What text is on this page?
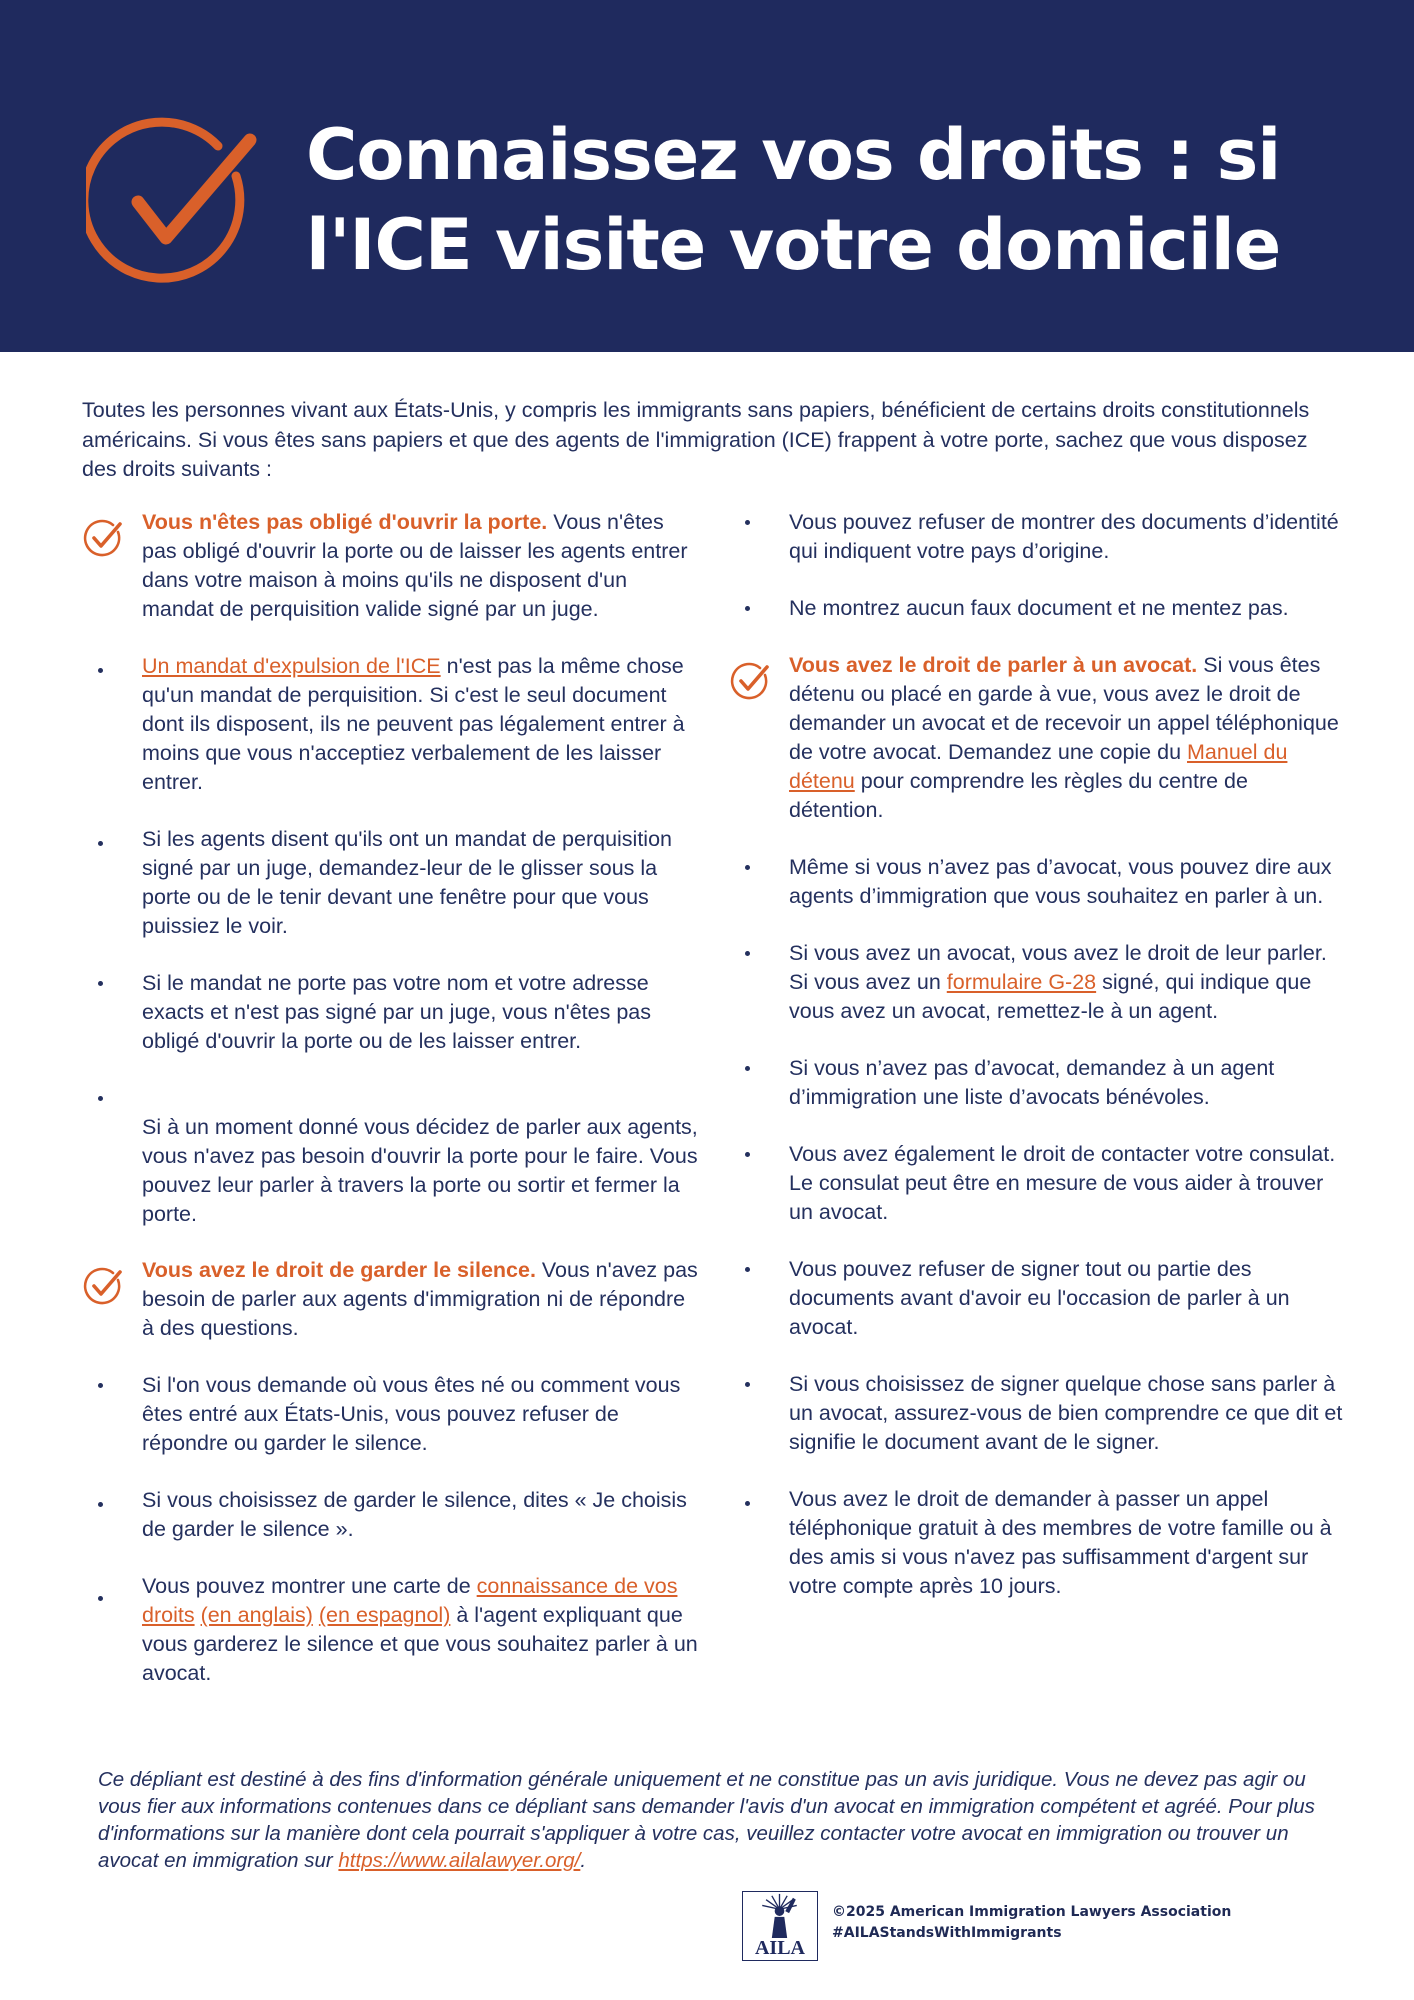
Connaissez vos droits : si l'ICE visite votre domicile

Toutes les personnes vivant aux États-Unis, y compris les immigrants sans papiers, bénéficient de certains droits constitutionnels américains. Si vous êtes sans papiers et que des agents de l'immigration (ICE) frappent à votre porte, sachez que vous disposez des droits suivants :

Vous n'êtes pas obligé d'ouvrir la porte. Vous n'êtes pas obligé d'ouvrir la porte ou de laisser les agents entrer dans votre maison à moins qu'ils ne disposent d'un mandat de perquisition valide signé par un juge.

Un mandat d'expulsion de l'ICE n'est pas la même chose qu'un mandat de perquisition. Si c'est le seul document dont ils disposent, ils ne peuvent pas légalement entrer à moins que vous n'acceptiez verbalement de les laisser entrer.

Si les agents disent qu'ils ont un mandat de perquisition signé par un juge, demandez-leur de le glisser sous la porte ou de le tenir devant une fenêtre pour que vous puissiez le voir.

Si le mandat ne porte pas votre nom et votre adresse exacts et n'est pas signé par un juge, vous n'êtes pas obligé d'ouvrir la porte ou de les laisser entrer.

Si à un moment donné vous décidez de parler aux agents, vous n'avez pas besoin d'ouvrir la porte pour le faire. Vous pouvez leur parler à travers la porte ou sortir et fermer la porte.

Vous avez le droit de garder le silence. Vous n'avez pas besoin de parler aux agents d'immigration ni de répondre à des questions.

Si l'on vous demande où vous êtes né ou comment vous êtes entré aux États-Unis, vous pouvez refuser de répondre ou garder le silence.

Si vous choisissez de garder le silence, dites « Je choisis de garder le silence ».

Vous pouvez montrer une carte de connaissance de vos droits (en anglais) (en espagnol) à l'agent expliquant que vous garderez le silence et que vous souhaitez parler à un avocat.

Vous pouvez refuser de montrer des documents d’identité qui indiquent votre pays d’origine.

Ne montrez aucun faux document et ne mentez pas.

Vous avez le droit de parler à un avocat. Si vous êtes détenu ou placé en garde à vue, vous avez le droit de demander un avocat et de recevoir un appel téléphonique de votre avocat. Demandez une copie du Manuel du détenu pour comprendre les règles du centre de détention.

Même si vous n’avez pas d’avocat, vous pouvez dire aux agents d’immigration que vous souhaitez en parler à un.

Si vous avez un avocat, vous avez le droit de leur parler. Si vous avez un formulaire G-28 signé, qui indique que vous avez un avocat, remettez-le à un agent.

Si vous n’avez pas d’avocat, demandez à un agent d’immigration une liste d’avocats bénévoles.

Vous avez également le droit de contacter votre consulat. Le consulat peut être en mesure de vous aider à trouver un avocat.

Vous pouvez refuser de signer tout ou partie des documents avant d'avoir eu l'occasion de parler à un avocat.

Si vous choisissez de signer quelque chose sans parler à un avocat, assurez-vous de bien comprendre ce que dit et signifie le document avant de le signer.

Vous avez le droit de demander à passer un appel téléphonique gratuit à des membres de votre famille ou à des amis si vous n'avez pas suffisamment d'argent sur votre compte après 10 jours.

Ce dépliant est destiné à des fins d'information générale uniquement et ne constitue pas un avis juridique. Vous ne devez pas agir ou vous fier aux informations contenues dans ce dépliant sans demander l'avis d'un avocat en immigration compétent et agréé. Pour plus d'informations sur la manière dont cela pourrait s'appliquer à votre cas, veuillez contacter votre avocat en immigration ou trouver un avocat en immigration sur https://www.ailalawyer.org/.

AILA
©2025 American Immigration Lawyers Association
#AILAStandsWithImmigrants
